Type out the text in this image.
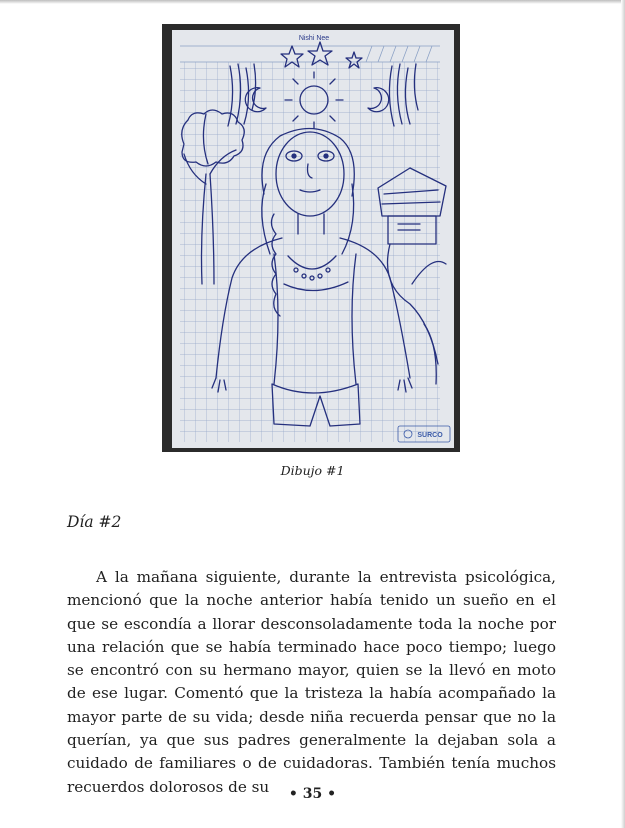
Nishi Nee
SURCO
Dibujo #1
Día #2

A la mañana siguiente, durante la entrevista psicológica, mencionó que la noche anterior había tenido un sueño en el que se escondía a llorar desconsoladamente toda la noche por una relación que se había terminado hace poco tiempo; luego se encontró con su hermano mayor, quien se la llevó en moto de ese lugar. Comentó que la tristeza la había acompañado la mayor parte de su vida; desde niña recuerda pensar que no la querían, ya que sus padres generalmente la dejaban sola a cuidado de familiares o de cuidadoras. También tenía muchos recuerdos dolorosos de su	• 35 •
